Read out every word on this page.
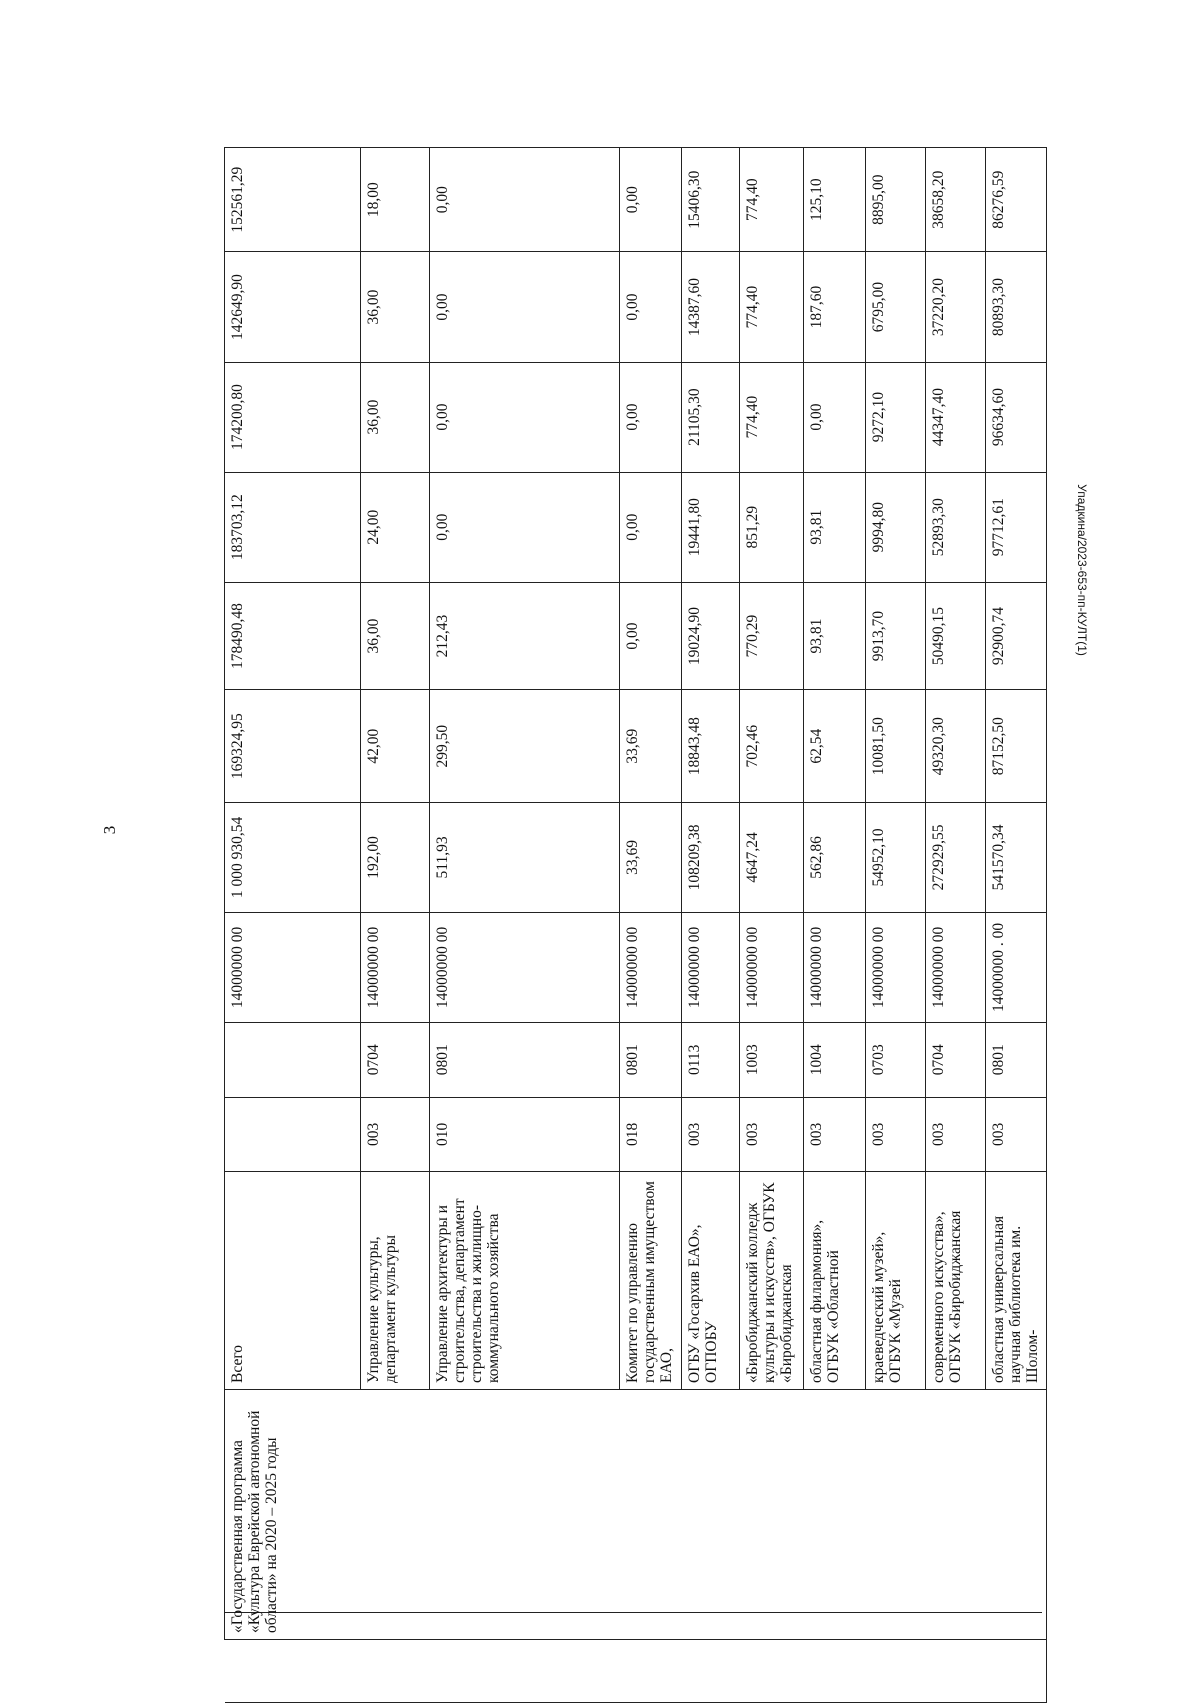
3
Упадкина/2023-653-пп-КУЛТ(1)
	«Государственная программа «Культура Еврейской автономной области» на 2020 – 2025 годы	Всего			14000000 00	1 000 930,54	169324,95	178490,48	183703,12	174200,80	142649,90	152561,29
		Управление культуры, департамент культуры	003	0704	14000000 00	192,00	42,00	36,00	24,00	36,00	36,00	18,00
		Управление архитектуры и строительства, департамент строительства и жилищно-коммунального хозяйства	010	0801	14000000 00	511,93	299,50	212,43	0,00	0,00	0,00	0,00
		Комитет по управлению государственным имуществом ЕАО,	018	0801	14000000 00	33,69	33,69	0,00	0,00	0,00	0,00	0,00
		ОГБУ «Госархив ЕАО», ОГПОБУ	003	0113	14000000 00	108209,38	18843,48	19024,90	19441,80	21105,30	14387,60	15406,30
		«Биробиджанский колледж культуры и искусств», ОГБУК «Биробиджанская	003	1003	14000000 00	4647,24	702,46	770,29	851,29	774,40	774,40	774,40
		областная филармония», ОГБУК «Областной	003	1004	14000000 00	562,86	62,54	93,81	93,81	0,00	187,60	125,10
		краеведческий музей», ОГБУК «Музей	003	0703	14000000 00	54952,10	10081,50	9913,70	9994,80	9272,10	6795,00	8895,00
		современного искусства», ОГБУК «Биробиджанская	003	0704	14000000 00	272929,55	49320,30	50490,15	52893,30	44347,40	37220,20	38658,20
		областная универсальная научная библиотека им. Шолом-	003	0801	14000000 . 00	541570,34	87152,50	92900,74	97712,61	96634,60	80893,30	86276,59
